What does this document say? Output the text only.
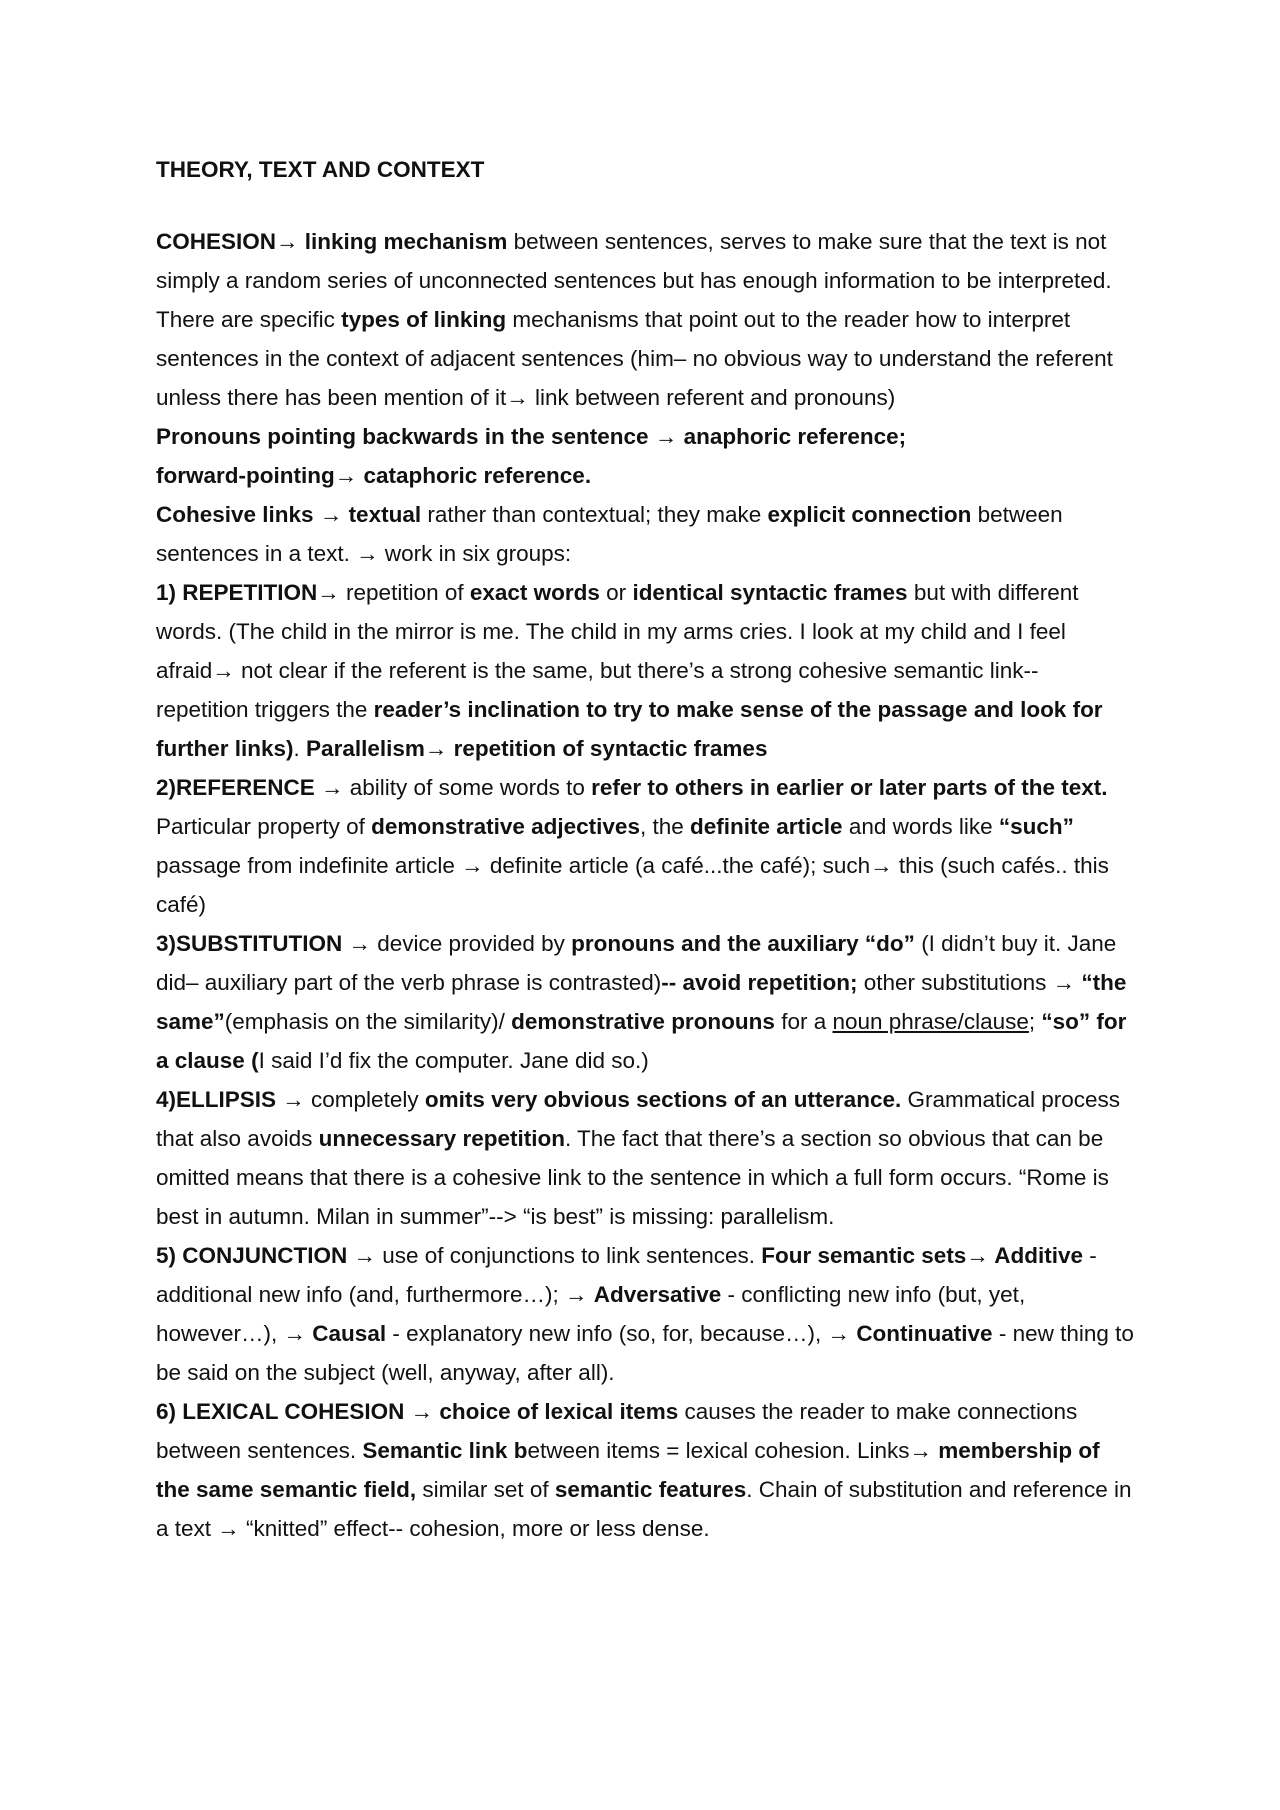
THEORY, TEXT AND CONTEXT

COHESION→ linking mechanism between sentences, serves to make sure that the text is not simply a random series of unconnected sentences but has enough information to be interpreted. There are specific types of linking mechanisms that point out to the reader how to interpret sentences in the context of adjacent sentences (him– no obvious way to understand the referent unless there has been mention of it→ link between referent and pronouns)

Pronouns pointing backwards in the sentence → anaphoric reference;

forward-pointing→ cataphoric reference.

Cohesive links → textual rather than contextual; they make explicit connection between sentences in a text. → work in six groups:

1) REPETITION→ repetition of exact words or identical syntactic frames but with different words. (The child in the mirror is me. The child in my arms cries. I look at my child and I feel afraid→ not clear if the referent is the same, but there’s a strong cohesive semantic link-- repetition triggers the reader’s inclination to try to make sense of the passage and look for further links). Parallelism→ repetition of syntactic frames

2)REFERENCE → ability of some words to refer to others in earlier or later parts of the text. Particular property of demonstrative adjectives, the definite article and words like “such”

passage from indefinite article → definite article (a café...the café); such→ this (such cafés.. this café)

3)SUBSTITUTION → device provided by pronouns and the auxiliary “do” (I didn’t buy it. Jane did– auxiliary part of the verb phrase is contrasted)-- avoid repetition; other substitutions → “the same”(emphasis on the similarity)/ demonstrative pronouns for a noun phrase/clause; “so” for a clause (I said I’d fix the computer. Jane did so.)

4)ELLIPSIS → completely omits very obvious sections of an utterance. Grammatical process that also avoids unnecessary repetition. The fact that there’s a section so obvious that can be omitted means that there is a cohesive link to the sentence in which a full form occurs. “Rome is best in autumn. Milan in summer”--> “is best” is missing: parallelism.

5) CONJUNCTION → use of conjunctions to link sentences. Four semantic sets→ Additive - additional new info (and, furthermore…); → Adversative - conflicting new info (but, yet, however…), → Causal - explanatory new info (so, for, because…), → Continuative - new thing to be said on the subject (well, anyway, after all).

6) LEXICAL COHESION → choice of lexical items causes the reader to make connections between sentences. Semantic link between items = lexical cohesion. Links→ membership of the same semantic field, similar set of semantic features. Chain of substitution and reference in a text → “knitted” effect-- cohesion, more or less dense.
